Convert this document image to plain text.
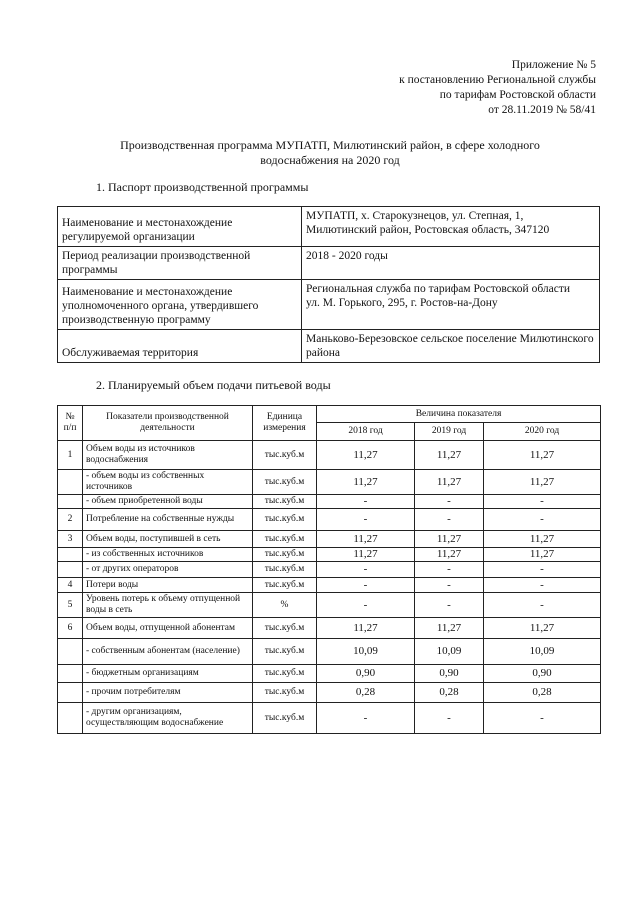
Приложение № 5
к постановлению Региональной службы
по тарифам Ростовской области
от 28.11.2019 № 58/41
Производственная программа МУПАТП, Милютинский район, в сфере холодного
водоснабжения на 2020 год
1. Паспорт производственной программы
Наименование и местонахождение регулируемой организации	МУПАТП, х. Старокузнецов, ул. Степная, 1, Милютинский район, Ростовская область, 347120
Период реализации производственной программы	2018 - 2020 годы
Наименование и местонахождение уполномоченного органа, утвердившего производственную программу	Региональная служба по тарифам Ростовской области
ул. М. Горького, 295, г. Ростов-на-Дону

Обслуживаемая территория	Маньково-Березовское сельское поселение Милютинского района
2. Планируемый объем подачи питьевой воды
№ п/п	Показатели производственной деятельности	Единица измерения	Величина показателя		
			2018 год	2019 год	2020 год
1	Объем воды из источников водоснабжения	тыс.куб.м	11,27	11,27	11,27
	- объем воды из собственных источников	тыс.куб.м	11,27	11,27	11,27
	- объем приобретенной воды	тыс.куб.м	-	-	-
2	Потребление на собственные нужды	тыс.куб.м	-	-	-
3	Объем воды, поступившей в сеть	тыс.куб.м	11,27	11,27	11,27
	- из собственных источников	тыс.куб.м	11,27	11,27	11,27
	- от других операторов	тыс.куб.м	-	-	-
4	Потери воды	тыс.куб.м	-	-	-
5	Уровень потерь к объему отпущенной воды в сеть	%	-	-	-
6	Объем воды, отпущенной абонентам	тыс.куб.м	11,27	11,27	11,27
	- собственным абонентам (население)	тыс.куб.м	10,09	10,09	10,09
	- бюджетным организациям	тыс.куб.м	0,90	0,90	0,90
	- прочим потребителям	тыс.куб.м	0,28	0,28	0,28
	- другим организациям, осуществляющим водоснабжение	тыс.куб.м	-	-	-
